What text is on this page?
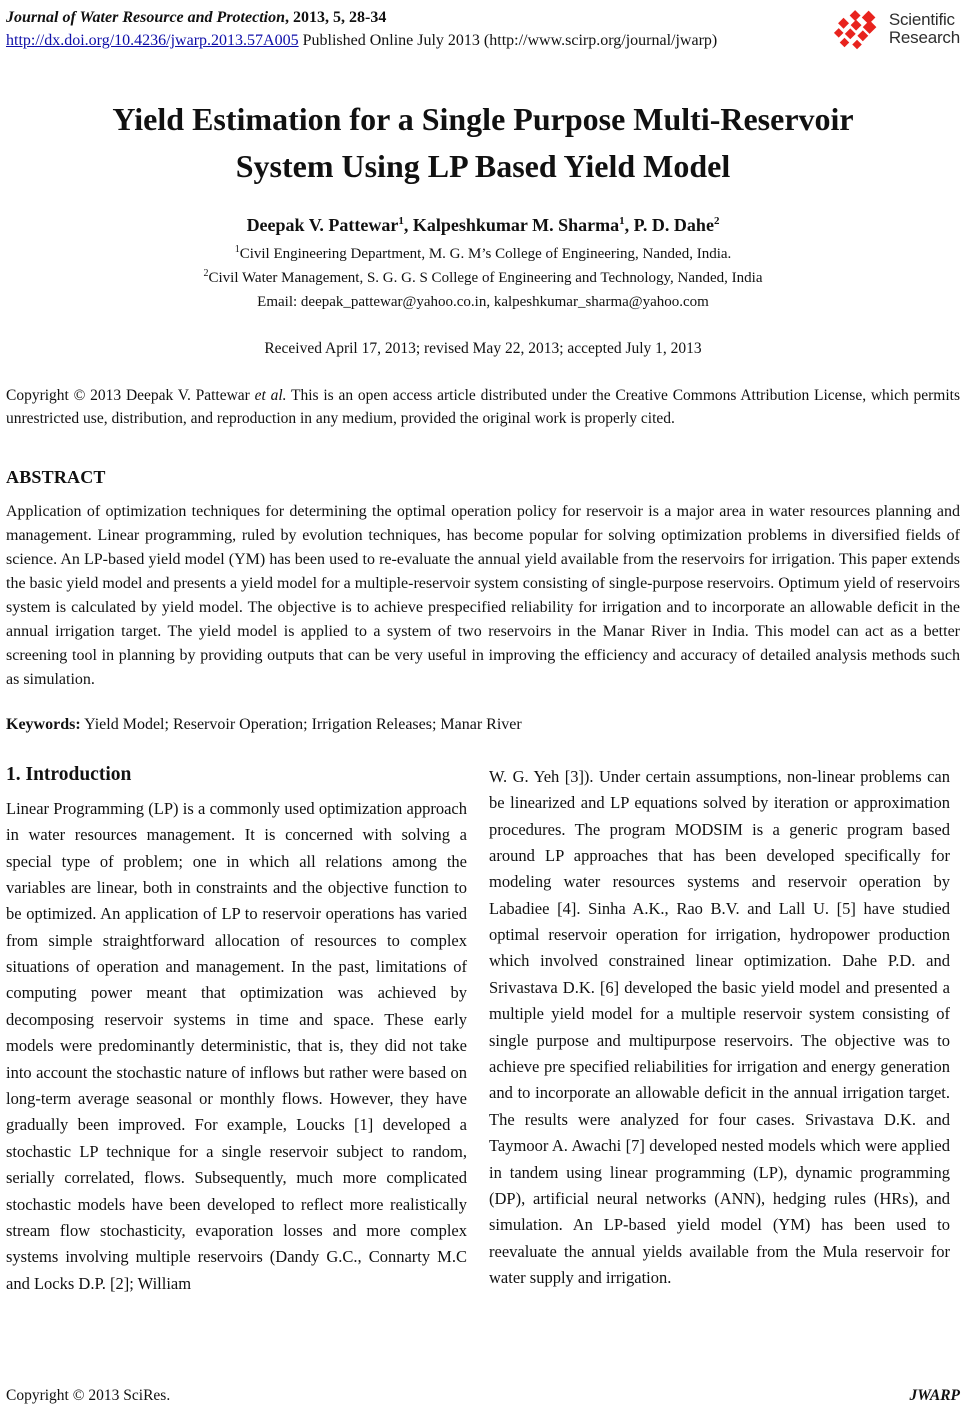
Journal of Water Resource and Protection, 2013, 5, 28-34
http://dx.doi.org/10.4236/jwarp.2013.57A005 Published Online July 2013 (http://www.scirp.org/journal/jwarp)
Scientific
Research
Yield Estimation for a Single Purpose Multi-Reservoir
System Using LP Based Yield Model
Deepak V. Pattewar$^1$, Kalpeshkumar M. Sharma$^1$, P. D. Dahe$^2$
$^1$Civil Engineering Department, M. G. M’s College of Engineering, Nanded, India.
$^2$Civil Water Management, S. G. G. S College of Engineering and Technology, Nanded, India
Email: deepak_pattewar@yahoo.co.in, kalpeshkumar_sharma@yahoo.com
Received April 17, 2013; revised May 22, 2013; accepted July 1, 2013
Copyright © 2013 Deepak V. Pattewar et al. This is an open access article distributed under the Creative Commons Attribution License, which permits unrestricted use, distribution, and reproduction in any medium, provided the original work is properly cited.
ABSTRACT
Application of optimization techniques for determining the optimal operation policy for reservoir is a major area in water resources planning and management. Linear programming, ruled by evolution techniques, has become popular for solving optimization problems in diversified fields of science. An LP-based yield model (YM) has been used to re-evaluate the annual yield available from the reservoirs for irrigation. This paper extends the basic yield model and presents a yield model for a multiple-reservoir system consisting of single-purpose reservoirs. Optimum yield of reservoirs system is calculated by yield model. The objective is to achieve prespecified reliability for irrigation and to incorporate an allowable deficit in the annual irrigation target. The yield model is applied to a system of two reservoirs in the Manar River in India. This model can act as a better screening tool in planning by providing outputs that can be very useful in improving the efficiency and accuracy of detailed analysis methods such as simulation.
Keywords: Yield Model; Reservoir Operation; Irrigation Releases; Manar River
1. Introduction

Linear Programming (LP) is a commonly used optimization approach in water resources management. It is concerned with solving a special type of problem; one in which all relations among the variables are linear, both in constraints and the objective function to be optimized. An application of LP to reservoir operations has varied from simple straightforward allocation of resources to complex situations of operation and management. In the past, limitations of computing power meant that optimization was achieved by decomposing reservoir systems in time and space. These early models were predominantly deterministic, that is, they did not take into account the stochastic nature of inflows but rather were based on long-term average seasonal or monthly flows. However, they have gradually been improved. For example, Loucks [1] developed a stochastic LP technique for a single reservoir subject to random, serially correlated, flows. Subsequently, much more complicated stochastic models have been developed to reflect more realistically stream flow stochasticity, evaporation losses and more complex systems involving multiple reservoirs (Dandy G.C., Connarty M.C and Locks D.P. [2]; William

W. G. Yeh [3]). Under certain assumptions, non-linear problems can be linearized and LP equations solved by iteration or approximation procedures. The program MODSIM is a generic program based around LP approaches that has been developed specifically for modeling water resources systems and reservoir operation by Labadiee [4]. Sinha A.K., Rao B.V. and Lall U. [5] have studied optimal reservoir operation for irrigation, hydropower production which involved constrained linear optimization. Dahe P.D. and Srivastava D.K. [6] developed the basic yield model and presented a multiple yield model for a multiple reservoir system consisting of single purpose and multipurpose reservoirs. The objective was to achieve pre specified reliabilities for irrigation and energy generation and to incorporate an allowable deficit in the annual irrigation target. The results were analyzed for four cases. Srivastava D.K. and Taymoor A. Awachi [7] developed nested models which were applied in tandem using linear programming (LP), dynamic programming (DP), artificial neural networks (ANN), hedging rules (HRs), and simulation. An LP-based yield model (YM) has been used to reevaluate the annual yields available from the Mula reservoir for water supply and irrigation.

Copyright © 2013 SciRes.	JWARP
